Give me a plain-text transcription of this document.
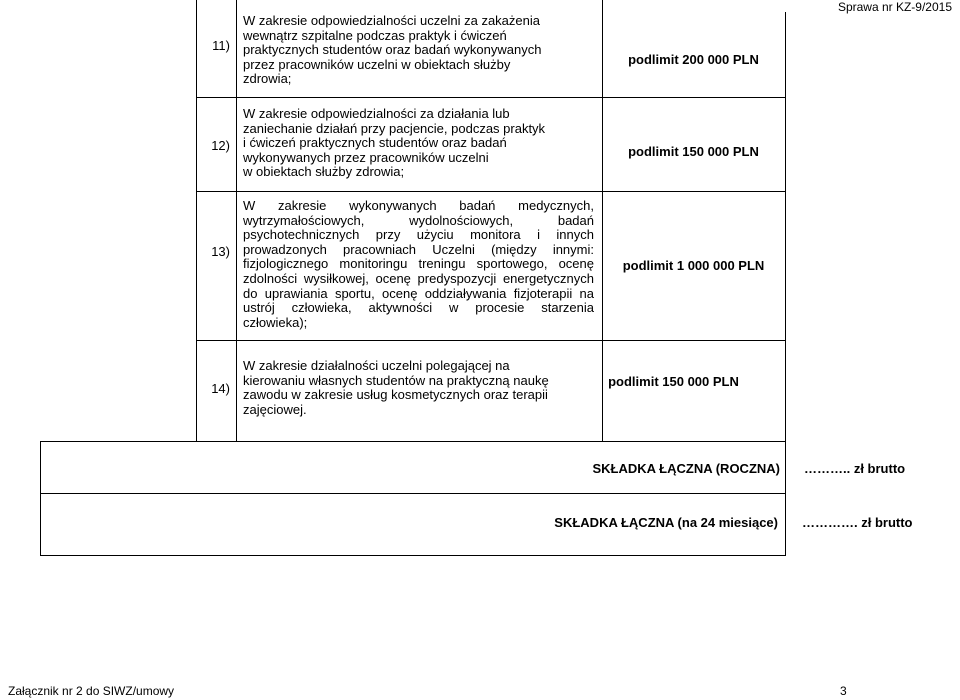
Sprawa nr KZ-9/2015
11)
W zakresie odpowiedzialności uczelni za zakażenia
wewnątrz szpitalne podczas praktyk i ćwiczeń
praktycznych studentów oraz badań wykonywanych
przez pracowników uczelni w obiektach służby
zdrowia;
podlimit 200 000 PLN
12)
W zakresie odpowiedzialności za działania lub
zaniechanie działań przy pacjencie, podczas praktyk
i ćwiczeń praktycznych studentów oraz badań
wykonywanych przez pracowników uczelni
w obiektach służby zdrowia;
podlimit 150 000 PLN
13)
W zakresie wykonywanych badań medycznych,
wytrzymałościowych, wydolnościowych, badań
psychotechnicznych przy użyciu monitora i innych
prowadzonych pracowniach Uczelni (między innymi:
fizjologicznego monitoringu treningu sportowego, ocenę
zdolności wysiłkowej, ocenę predyspozycji energetycznych
do uprawiania sportu, ocenę oddziaływania fizjoterapii na
ustrój człowieka, aktywności w procesie starzenia
człowieka);
podlimit 1 000 000 PLN
14)
W zakresie działalności uczelni polegającej na
kierowaniu własnych studentów na praktyczną naukę
zawodu w zakresie usług kosmetycznych oraz terapii
zajęciowej.
podlimit 150 000 PLN
SKŁADKA ŁĄCZNA (ROCZNA) ……….. zł brutto
SKŁADKA ŁĄCZNA (na 24 miesiące) …………. zł brutto
Załącznik nr 2 do SIWZ/umowy	3
